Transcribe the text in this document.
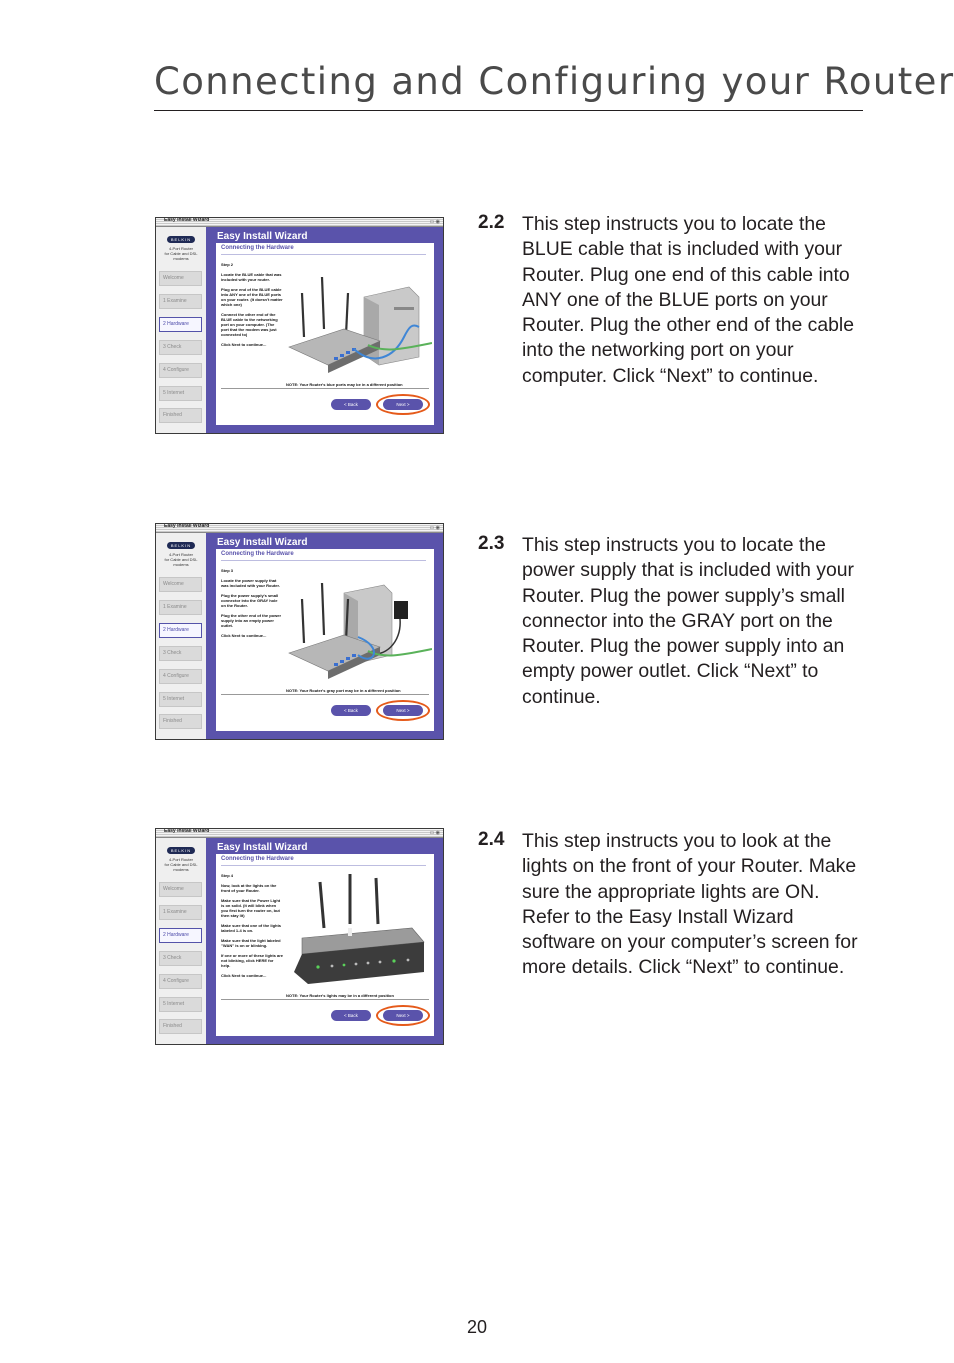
Connecting and Configuring your Router
2.2 This step instructs you to locate the BLUE cable that is included with your Router. Plug one end of this cable into ANY one of the BLUE ports on your Router. Plug the other end of the cable into the networking port on your computer. Click “Next” to continue.
Easy Install Wizard	▭ ◉
BELKIN
4-Port Router
for Cable and DSL modems
Welcome
1 Examine
2 Hardware
3 Check
4 Configure
5 Internet
Finished
Easy Install Wizard
Connecting the Hardware
Step 2

Locate the BLUE cable that was included with your router.

Plug one end of the BLUE cable into ANY one of the BLUE ports on your router. (It doesn't matter which one)

Connect the other end of the BLUE cable to the networking port on your computer. (The port that the modem was just connected to)

Click Next to continue...
NOTE: Your Router's blue ports may be in a different position
< Back	Next >
2.3 This step instructs you to locate the power supply that is included with your Router. Plug the power supply’s small connector into the GRAY port on the Router. Plug the power supply into an empty power outlet. Click “Next” to continue.
Easy Install Wizard	▭ ◉
BELKIN
4-Port Router
for Cable and DSL modems
Welcome
1 Examine
2 Hardware
3 Check
4 Configure
5 Internet
Finished
Easy Install Wizard
Connecting the Hardware
Step 3

Locate the power supply that was included with your Router.

Plug the power supply's small connector into the GRAY hole on the Router.

Plug the other end of the power supply into an empty power outlet.

Click Next to continue...
NOTE: Your Router's gray port may be in a different position
< Back	Next >
2.4 This step instructs you to look at the lights on the front of your Router. Make sure the appropriate lights are ON. Refer to the Easy Install Wizard software on your computer’s screen for more details. Click “Next” to continue.
Easy Install Wizard	▭ ◉
BELKIN
4-Port Router
for Cable and DSL modems
Welcome
1 Examine
2 Hardware
3 Check
4 Configure
5 Internet
Finished
Easy Install Wizard
Connecting the Hardware
Step 4

Now, look at the lights on the front of your Router.

Make sure that the Power Light is on solid. (It will blink when you first turn the router on, but then stay lit)

Make sure that one of the lights labeled 1-4 is on.

Make sure that the light labeled "WAN" is on or blinking.

If one or more of these lights are not blinking, click HERE for help.

Click Next to continue...
NOTE: Your Router's lights may be in a different position
< Back	Next >
20
